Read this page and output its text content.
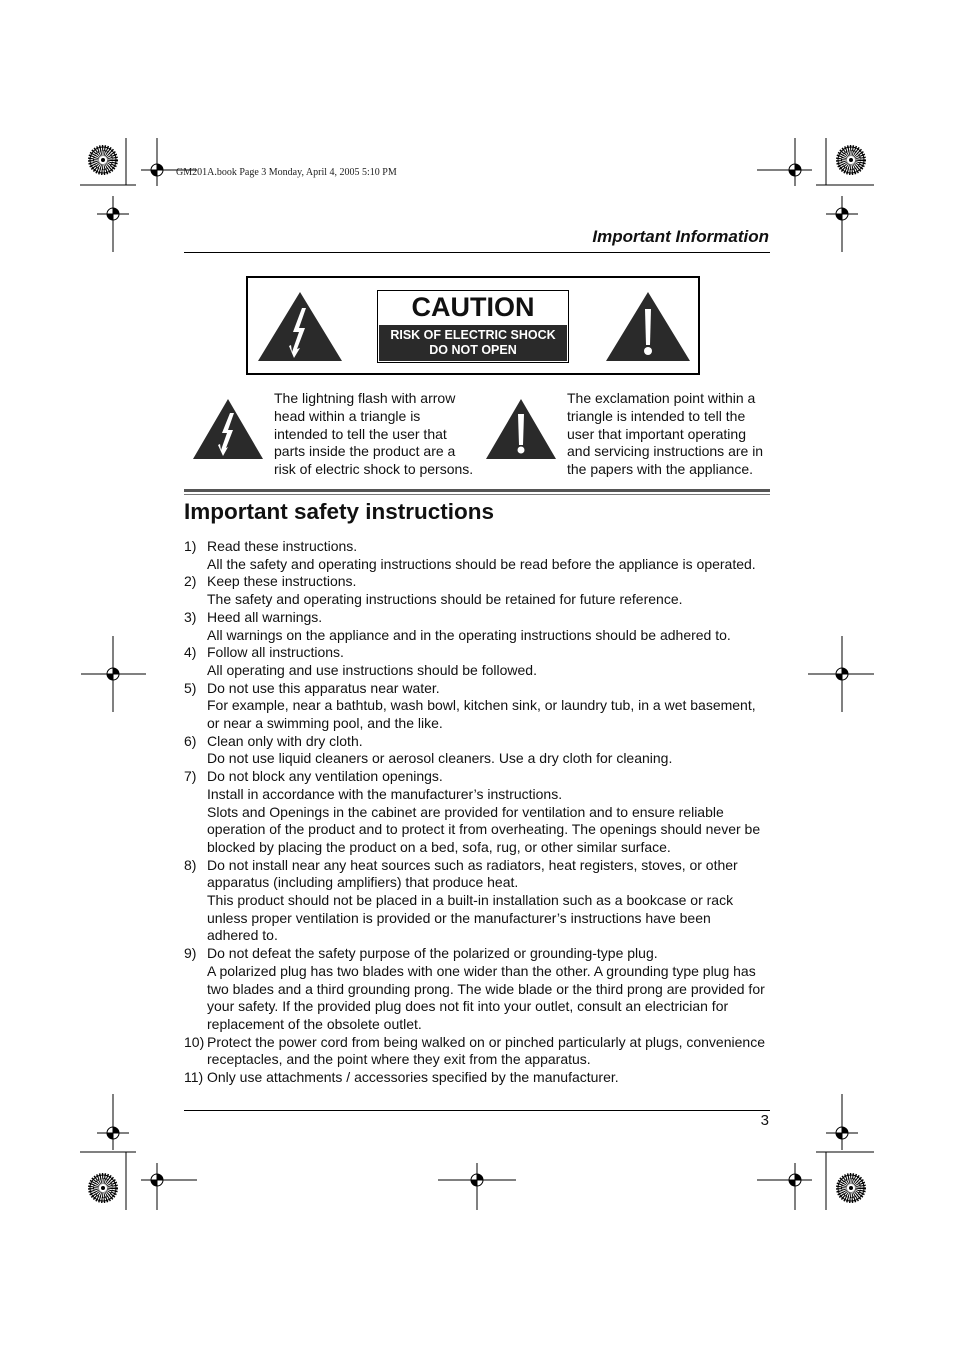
GM201A.book Page 3 Monday, April 4, 2005 5:10 PM
Important Information
CAUTION
RISK OF ELECTRIC SHOCK
DO NOT OPEN
The lightning flash with arrow
head within a triangle is
intended to tell the user that
parts inside the product are a
risk of electric shock to persons.
The exclamation point within a
triangle is intended to tell the
user that important operating
and servicing instructions are in
the papers with the appliance.
Important safety instructions
1) Read these instructions.
All the safety and operating instructions should be read before the appliance is operated.
2) Keep these instructions.
The safety and operating instructions should be retained for future reference.
3) Heed all warnings.
All warnings on the appliance and in the operating instructions should be adhered to.
4) Follow all instructions.
All operating and use instructions should be followed.
5) Do not use this apparatus near water.
For example, near a bathtub, wash bowl, kitchen sink, or laundry tub, in a wet basement,
or near a swimming pool, and the like.
6) Clean only with dry cloth.
Do not use liquid cleaners or aerosol cleaners. Use a dry cloth for cleaning.
7) Do not block any ventilation openings.
Install in accordance with the manufacturer’s instructions.
Slots and Openings in the cabinet are provided for ventilation and to ensure reliable
operation of the product and to protect it from overheating. The openings should never be
blocked by placing the product on a bed, sofa, rug, or other similar surface.
8) Do not install near any heat sources such as radiators, heat registers, stoves, or other
apparatus (including amplifiers) that produce heat.
This product should not be placed in a built-in installation such as a bookcase or rack
unless proper ventilation is provided or the manufacturer’s instructions have been
adhered to.
9) Do not defeat the safety purpose of the polarized or grounding-type plug.
A polarized plug has two blades with one wider than the other. A grounding type plug has
two blades and a third grounding prong. The wide blade or the third prong are provided for
your safety. If the provided plug does not fit into your outlet, consult an electrician for
replacement of the obsolete outlet.
10) Protect the power cord from being walked on or pinched particularly at plugs, convenience
receptacles, and the point where they exit from the apparatus.
11) Only use attachments / accessories specified by the manufacturer.
3
